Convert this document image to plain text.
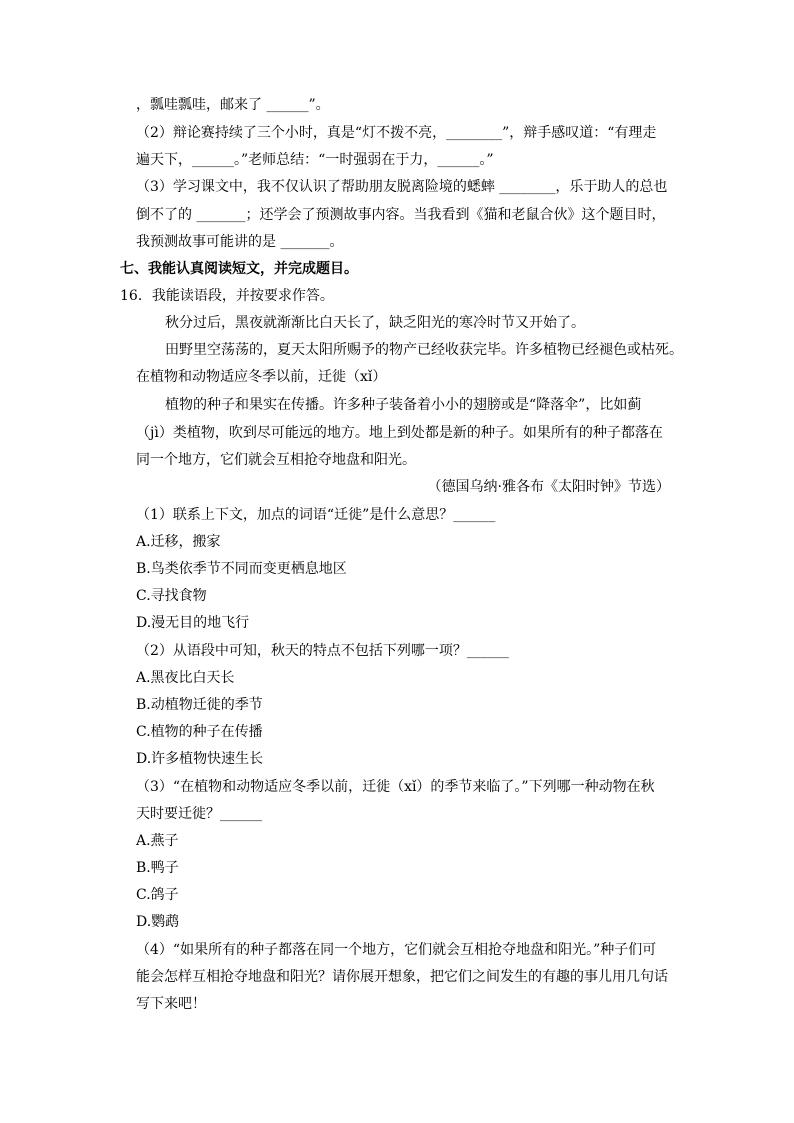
，瓢哇瓢哇，邮来了 ______”。
（2）辩论赛持续了三个小时，真是“灯不拨不亮，________”，辩手感叹道：“有理走
遍天下，______。”老师总结：“一时强弱在于力，______。”
（3）学习课文中，我不仅认识了帮助朋友脱离险境的蟋蟀 ________，乐于助人的总也
倒不了的 _______；还学会了预测故事内容。当我看到《猫和老鼠合伙》这个题目时，
我预测故事可能讲的是 _______。
七、我能认真阅读短文，并完成题目。
16．我能读语段，并按要求作答。
秋分过后，黑夜就渐渐比白天长了，缺乏阳光的寒冷时节又开始了。
田野里空荡荡的，夏天太阳所赐予的物产已经收获完毕。许多植物已经褪色或枯死。
在植物和动物适应冬季以前，迁徙（xǐ）
植物的种子和果实在传播。许多种子装备着小小的翅膀或是“降落伞”，比如蓟
（jì）类植物，吹到尽可能远的地方。地上到处都是新的种子。如果所有的种子都落在
同一个地方，它们就会互相抢夺地盘和阳光。
（德国乌纳·雅各布《太阳时钟》节选）
（1）联系上下文，加点的词语“迁徙”是什么意思？______
A.迁移，搬家
B.鸟类依季节不同而变更栖息地区
C.寻找食物
D.漫无目的地飞行
（2）从语段中可知，秋天的特点不包括下列哪一项？______
A.黑夜比白天长
B.动植物迁徙的季节
C.植物的种子在传播
D.许多植物快速生长
（3）“在植物和动物适应冬季以前，迁徙（xǐ）的季节来临了。”下列哪一种动物在秋
天时要迁徙？______
A.燕子
B.鸭子
C.鸽子
D.鹦鹉
（4）“如果所有的种子都落在同一个地方，它们就会互相抢夺地盘和阳光。”种子们可
能会怎样互相抢夺地盘和阳光？请你展开想象，把它们之间发生的有趣的事儿用几句话
写下来吧！
